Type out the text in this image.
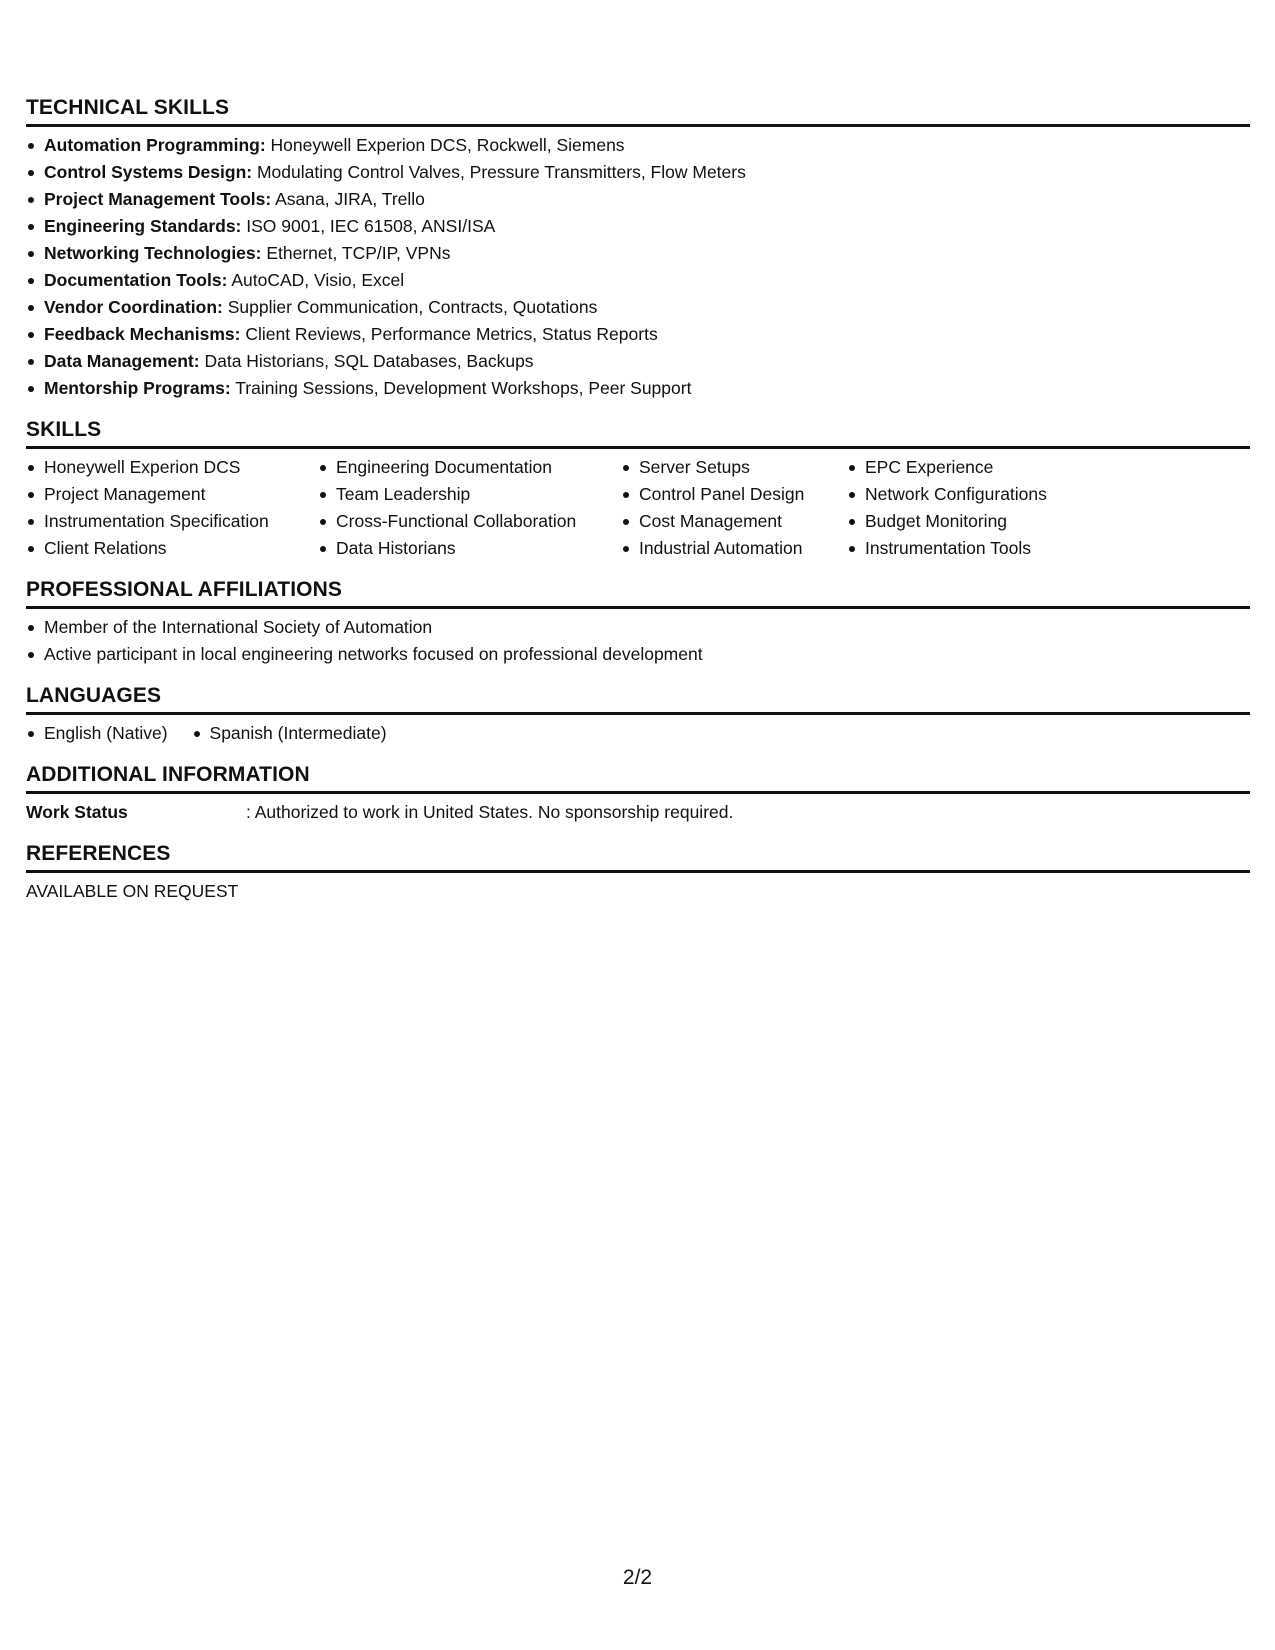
TECHNICAL SKILLS
Automation Programming: Honeywell Experion DCS, Rockwell, Siemens
Control Systems Design: Modulating Control Valves, Pressure Transmitters, Flow Meters
Project Management Tools: Asana, JIRA, Trello
Engineering Standards: ISO 9001, IEC 61508, ANSI/ISA
Networking Technologies: Ethernet, TCP/IP, VPNs
Documentation Tools: AutoCAD, Visio, Excel
Vendor Coordination: Supplier Communication, Contracts, Quotations
Feedback Mechanisms: Client Reviews, Performance Metrics, Status Reports
Data Management: Data Historians, SQL Databases, Backups
Mentorship Programs: Training Sessions, Development Workshops, Peer Support
SKILLS
Honeywell Experion DCS
Project Management
Instrumentation Specification
Client Relations
Engineering Documentation
Team Leadership
Cross-Functional Collaboration
Data Historians
Server Setups
Control Panel Design
Cost Management
Industrial Automation
EPC Experience
Network Configurations
Budget Monitoring
Instrumentation Tools
PROFESSIONAL AFFILIATIONS
Member of the International Society of Automation
Active participant in local engineering networks focused on professional development
LANGUAGES
English (Native)	Spanish (Intermediate)
ADDITIONAL INFORMATION
Work Status	: Authorized to work in United States. No sponsorship required.
REFERENCES
AVAILABLE ON REQUEST
2/2
